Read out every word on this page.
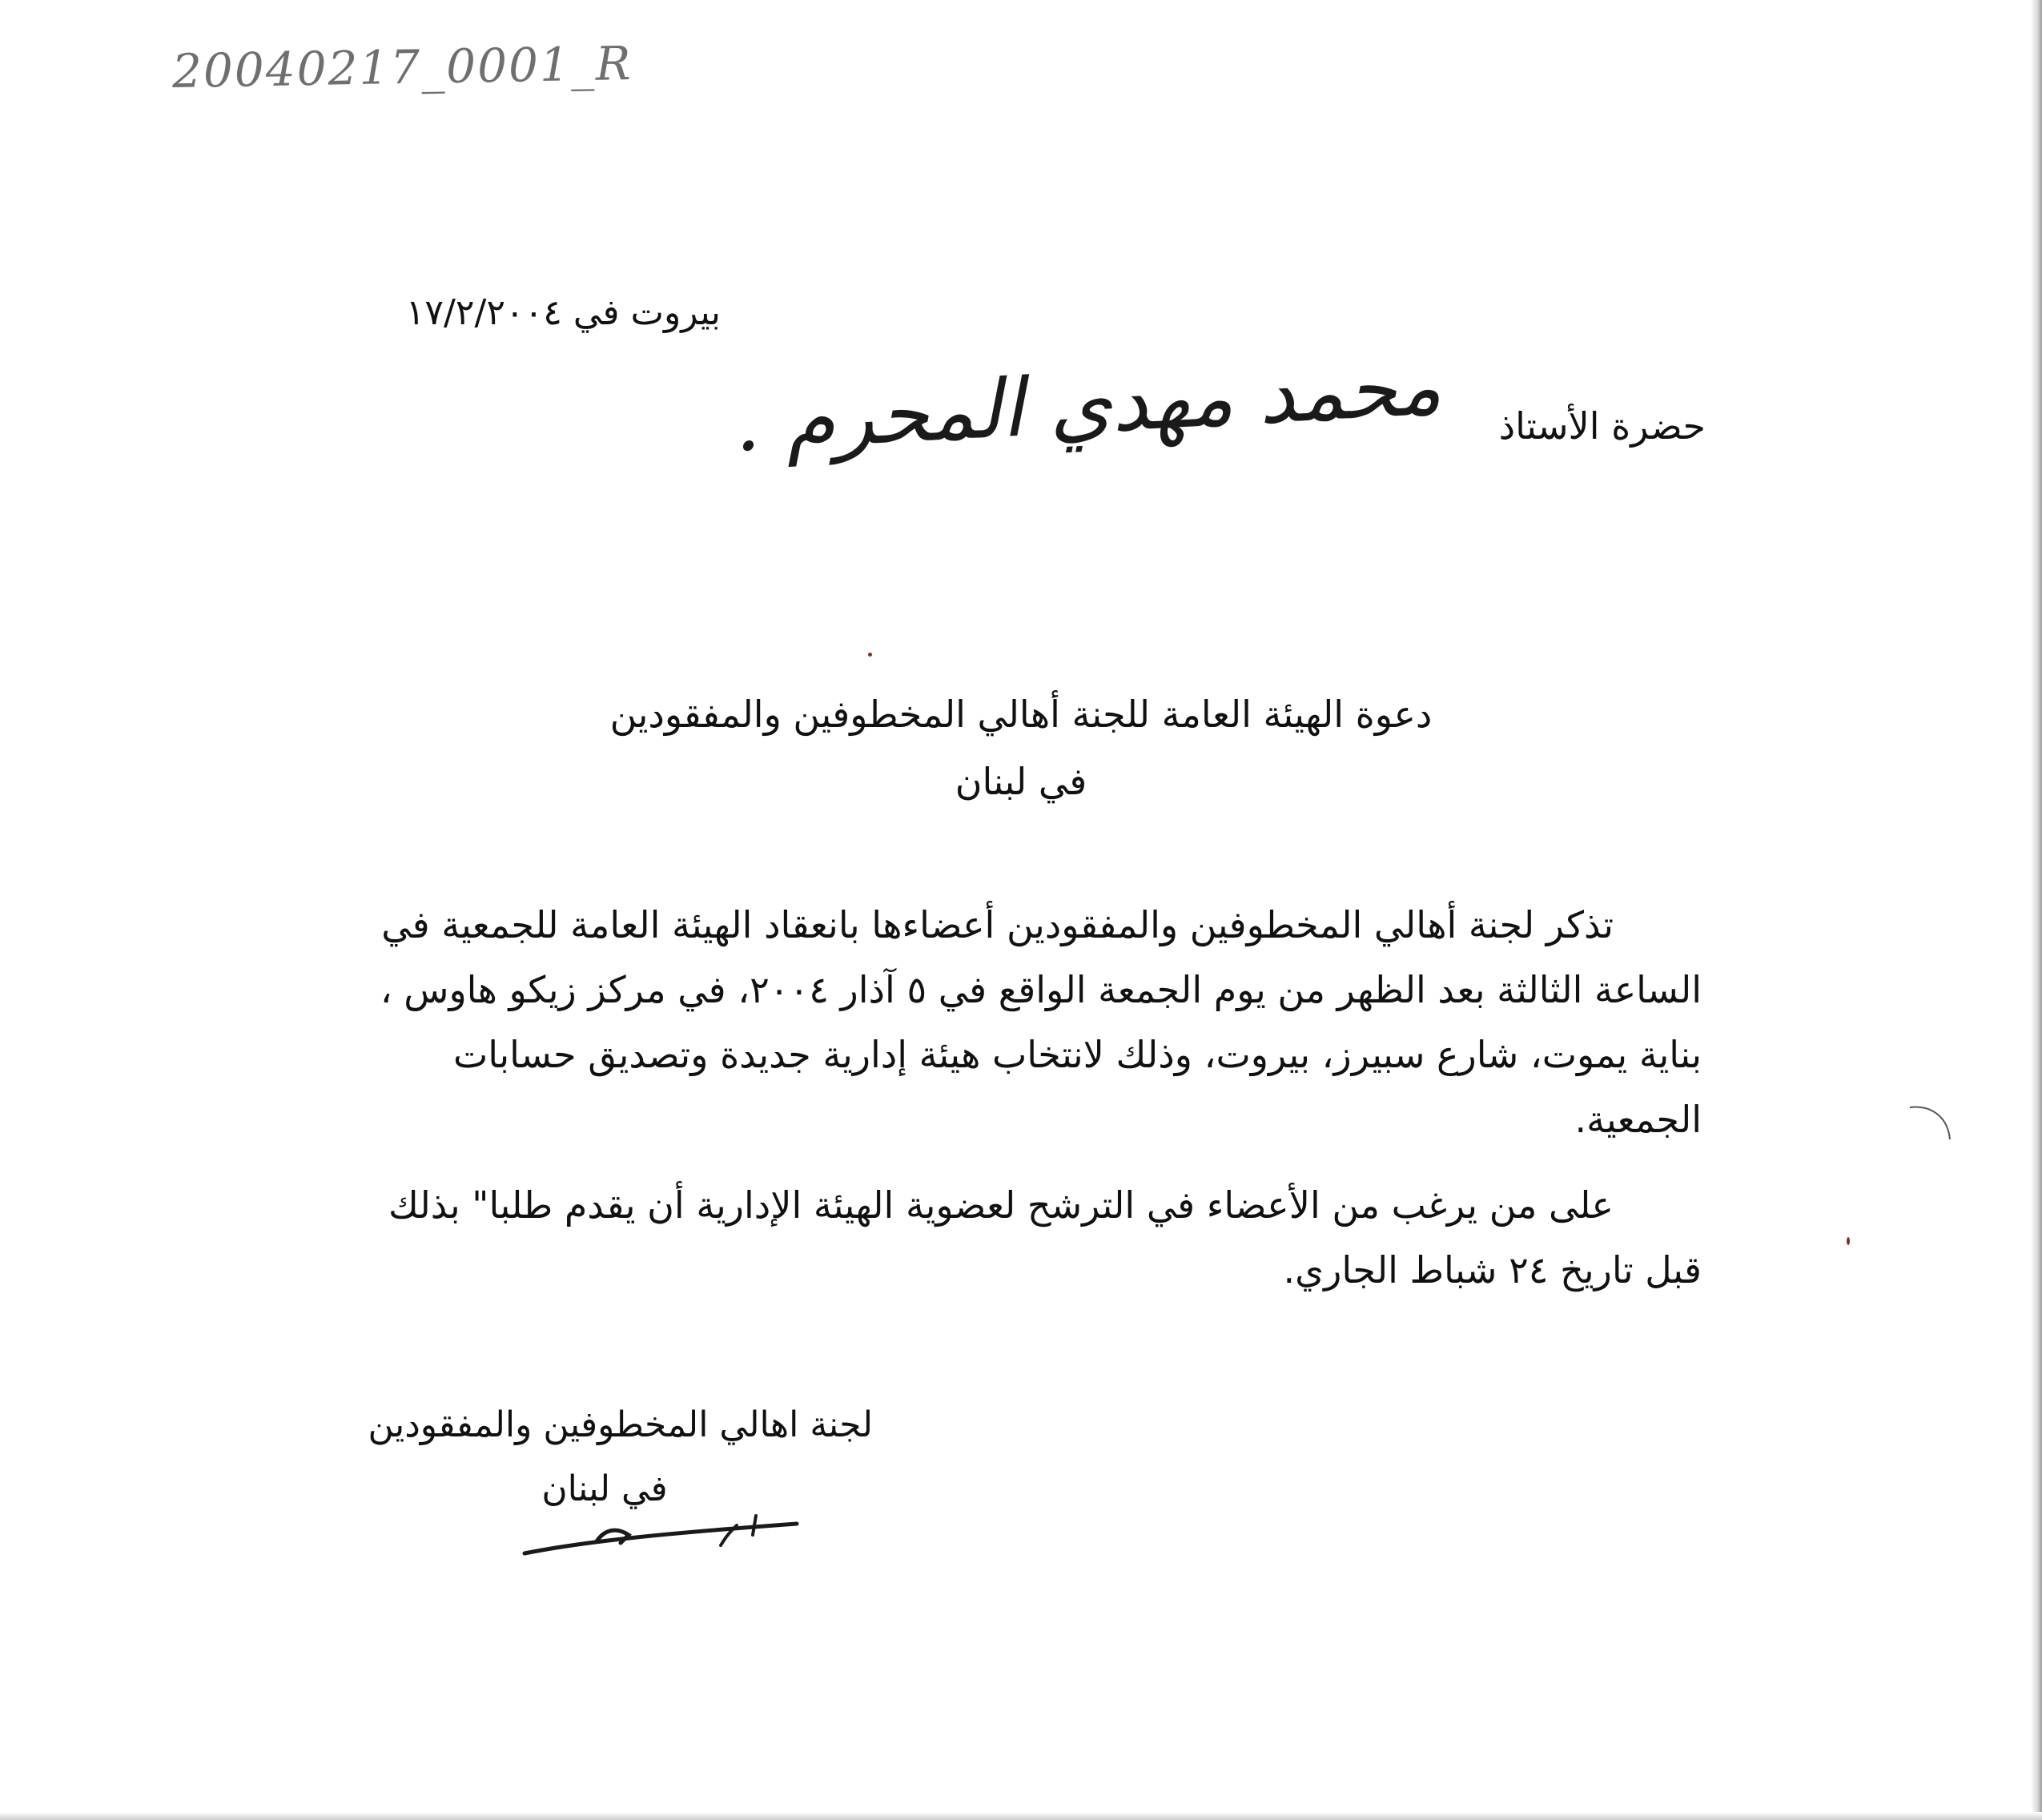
20040217_0001_R
بيروت في ١٧/٢/٢٠٠٤
محمد مهدي المحرم .	حضرة الأستاذ
دعوة الهيئة العامة للجنة أهالي المخطوفين والمفقودين
في لبنان
تذكر لجنة أهالي المخطوفين والمفقودين أعضاءها بانعقاد الهيئة العامة للجمعية في
الساعة الثالثة بعد الظهر من يوم الجمعة الواقع في ٥ آذار ٢٠٠٤، في مركز زيكو هاوس ،
بناية يموت، شارع سبيرز، بيروت، وذلك لانتخاب هيئة إدارية جديدة وتصديق حسابات
الجمعية.
على من يرغب من الأعضاء في الترشح لعضوية الهيئة الإدارية أن يقدم طلبا" بذلك
قبل تاريخ ٢٤ شباط الجاري.
لجنة اهالي المخطوفين والمفقودين
في لبنان
